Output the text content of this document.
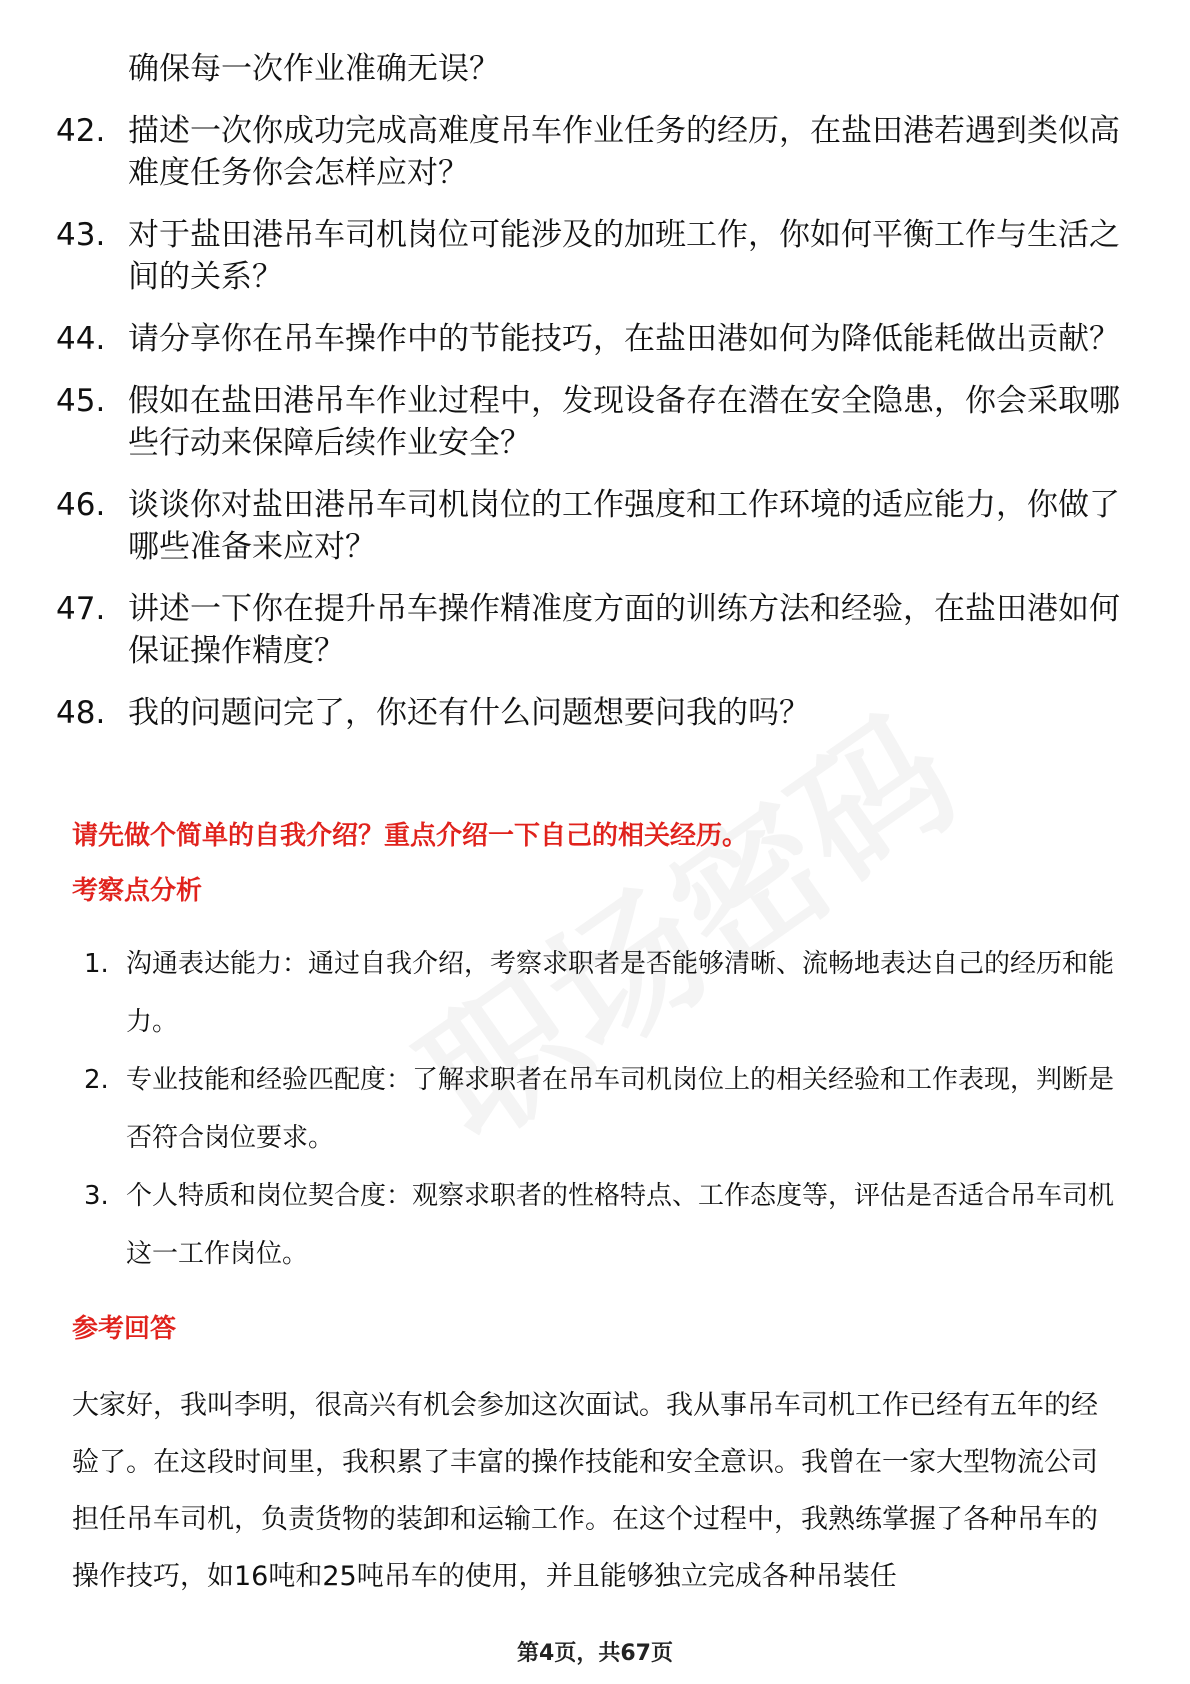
确保每一次作业准确无误？
42. 描述一次你成功完成高难度吊车作业任务的经历，在盐田港若遇到类似高难度任务你会怎样应对？
43. 对于盐田港吊车司机岗位可能涉及的加班工作，你如何平衡工作与生活之间的关系？
44. 请分享你在吊车操作中的节能技巧，在盐田港如何为降低能耗做出贡献？
45. 假如在盐田港吊车作业过程中，发现设备存在潜在安全隐患，你会采取哪些行动来保障后续作业安全？
46. 谈谈你对盐田港吊车司机岗位的工作强度和工作环境的适应能力，你做了哪些准备来应对？
47. 讲述一下你在提升吊车操作精准度方面的训练方法和经验，在盐田港如何保证操作精度？
48. 我的问题问完了，你还有什么问题想要问我的吗？
请先做个简单的自我介绍？重点介绍一下自己的相关经历。
考察点分析
1. 沟通表达能力：通过自我介绍，考察求职者是否能够清晰、流畅地表达自己的经历和能力。
2. 专业技能和经验匹配度：了解求职者在吊车司机岗位上的相关经验和工作表现，判断是否符合岗位要求。
3. 个人特质和岗位契合度：观察求职者的性格特点、工作态度等，评估是否适合吊车司机这一工作岗位。
参考回答
大家好，我叫李明，很高兴有机会参加这次面试。我从事吊车司机工作已经有五年的经验了。在这段时间里，我积累了丰富的操作技能和安全意识。我曾在一家大型物流公司担任吊车司机，负责货物的装卸和运输工作。在这个过程中，我熟练掌握了各种吊车的操作技巧，如16吨和25吨吊车的使用，并且能够独立完成各种吊装任
第4页，共67页
